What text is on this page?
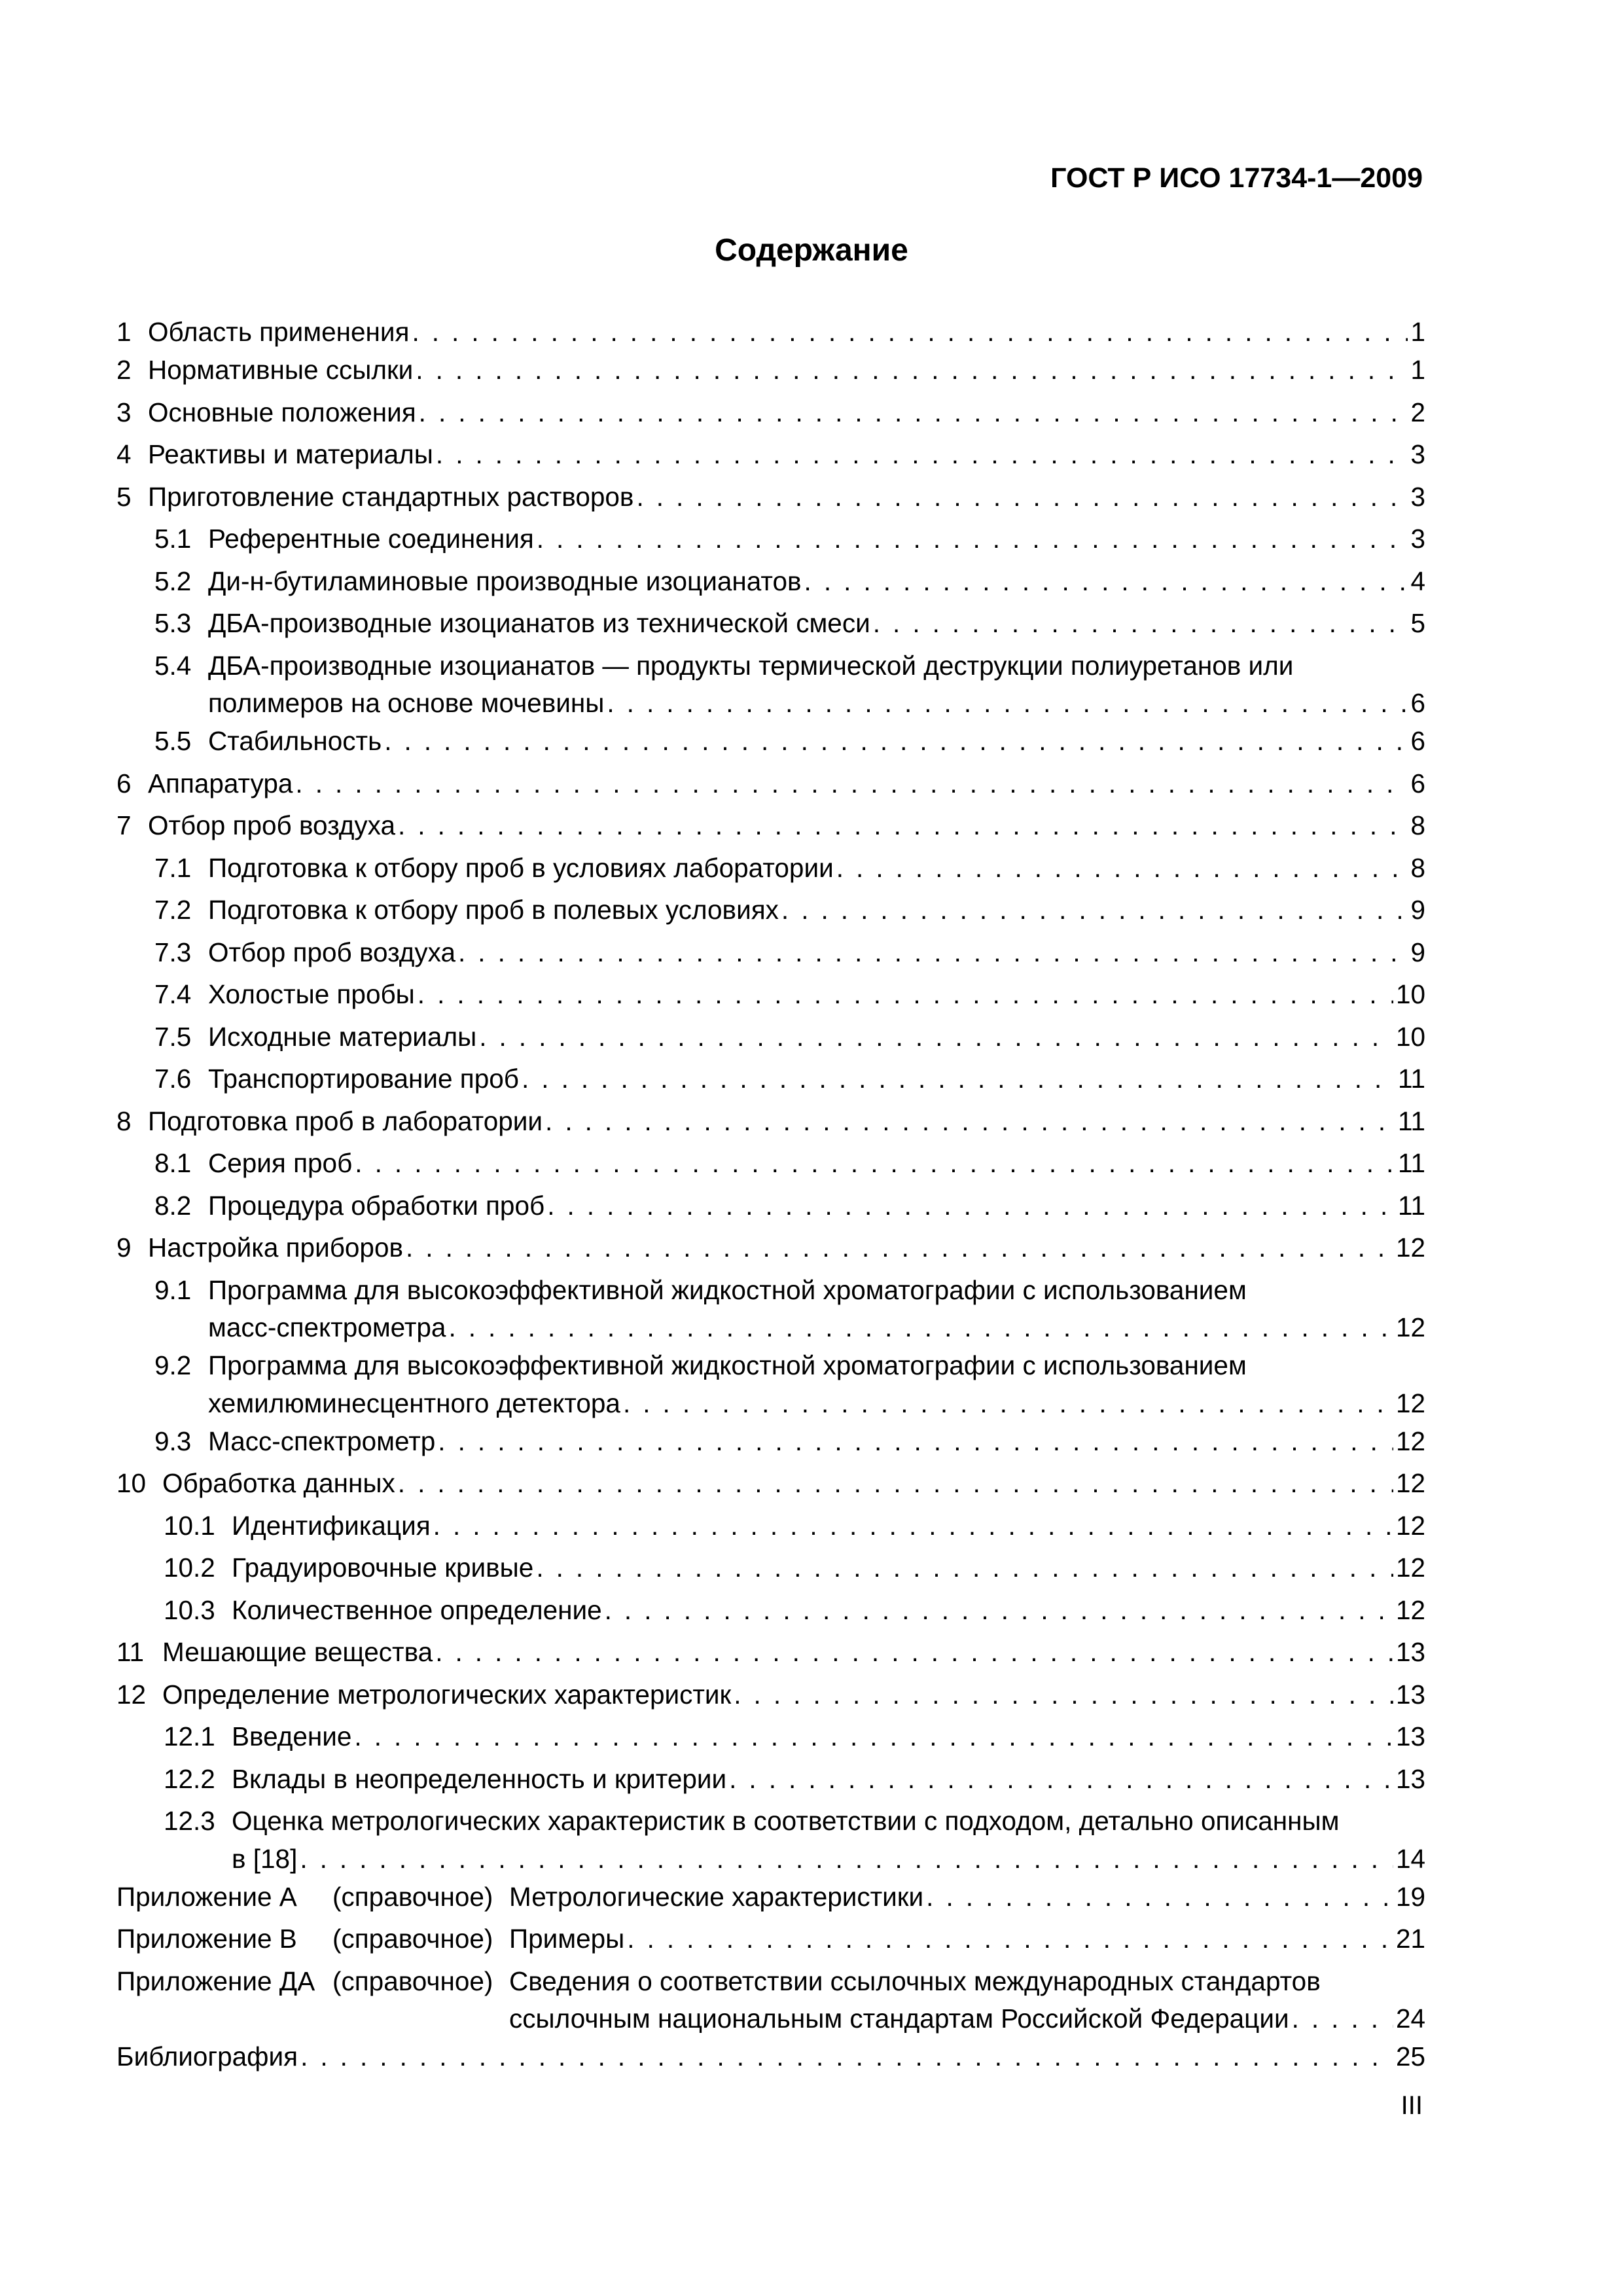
ГОСТ Р ИСО 17734-1—2009
Содержание
1 Область применения . . .	1
2 Нормативные ссылки . . .	1
3 Основные положения . . .	2
4 Реактивы и материалы . . .	3
5 Приготовление стандартных растворов . . .	3
5.1 Референтные соединения . . .	3
5.2 Ди-н-бутиламиновые производные изоцианатов . . .	4
5.3 ДБА-производные изоцианатов из технической смеси . . .	5
5.4 ДБА-производные изоцианатов — продукты термической деструкции полиуретанов или
полимеров на основе мочевины . . .	6
5.5 Стабильность . . .	6
6 Аппаратура . . .	6
7 Отбор проб воздуха . . .	8
7.1 Подготовка к отбору проб в условиях лаборатории . . .	8
7.2 Подготовка к отбору проб в полевых условиях . . .	9
7.3 Отбор проб воздуха . . .	9
7.4 Холостые пробы . . .	10
7.5 Исходные материалы . . .	10
7.6 Транспортирование проб . . .	11
8 Подготовка проб в лаборатории . . .	11
8.1 Серия проб . . .	11
8.2 Процедура обработки проб . . .	11
9 Настройка приборов . . .	12
9.1 Программа для высокоэффективной жидкостной хроматографии с использованием
масс-спектрометра . . .	12
9.2 Программа для высокоэффективной жидкостной хроматографии с использованием
хемилюминесцентного детектора . . .	12
9.3 Масс-спектрометр . . .	12
10 Обработка данных . . .	12
10.1 Идентификация . . .	12
10.2 Градуировочные кривые . . .	12
10.3 Количественное определение . . .	12
11 Мешающие вещества . . .	13
12 Определение метрологических характеристик . . .	13
12.1 Введение . . .	13
12.2 Вклады в неопределенность и критерии . . .	13
12.3 Оценка метрологических характеристик в соответствии с подходом, детально описанным
в [18] . . .	14
Приложение А	(справочное) Метрологические характеристики . . .	19
Приложение В	(справочное) Примеры . . .	21
Приложение ДА (справочное) Сведения о соответствии ссылочных международных стандартов
ссылочным национальным стандартам Российской Федерации . . .	24
Библиография . . .	25
III
